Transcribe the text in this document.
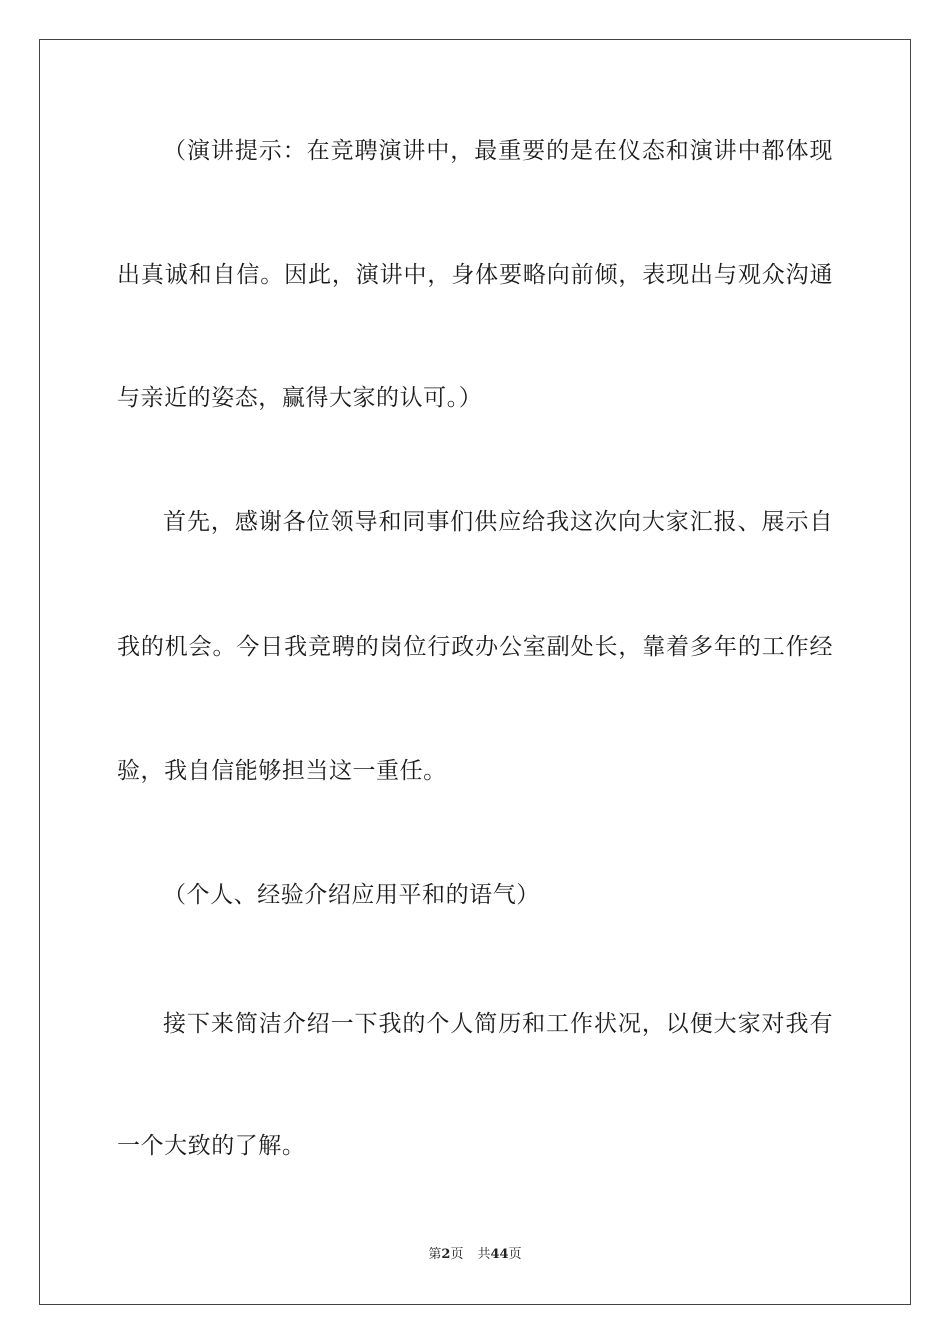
（演讲提示：在竞聘演讲中，最重要的是在仪态和演讲中都体现
出真诚和自信。因此，演讲中，身体要略向前倾，表现出与观众沟通
与亲近的姿态，赢得大家的认可。）
首先，感谢各位领导和同事们供应给我这次向大家汇报、展示自
我的机会。今日我竞聘的岗位行政办公室副处长，靠着多年的工作经
验，我自信能够担当这一重任。
（个人、经验介绍应用平和的语气）
接下来简洁介绍一下我的个人简历和工作状况，以便大家对我有
一个大致的了解。
第2页 共44页
